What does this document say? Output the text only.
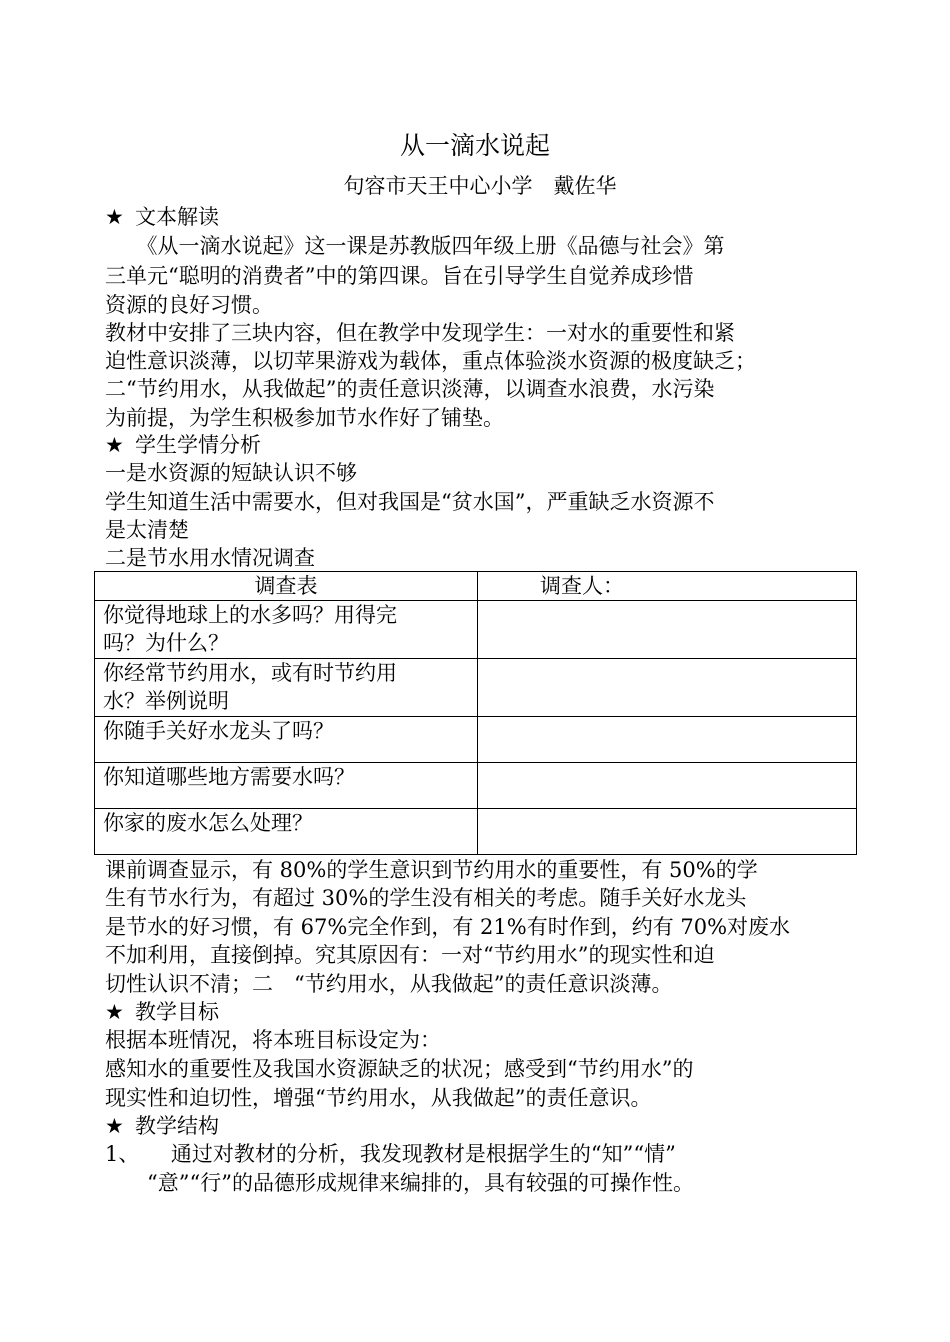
从一滴水说起
句容市天王中心小学　戴佐华
★ 文本解读
　　《从一滴水说起》这一课是苏教版四年级上册《品德与社会》第
三单元“聪明的消费者”中的第四课。旨在引导学生自觉养成珍惜
资源的良好习惯。
教材中安排了三块内容，但在教学中发现学生：一对水的重要性和紧
迫性意识淡薄，以切苹果游戏为载体，重点体验淡水资源的极度缺乏；
二“节约用水，从我做起”的责任意识淡薄，以调查水浪费，水污染
为前提，为学生积极参加节水作好了铺垫。
★ 学生学情分析
一是水资源的短缺认识不够
学生知道生活中需要水，但对我国是“贫水国”，严重缺乏水资源不
是太清楚
二是节水用水情况调查
调查表	调查人：
你觉得地球上的水多吗？用得完
吗？为什么？	
你经常节约用水，或有时节约用
水？举例说明	
你随手关好水龙头了吗？	
你知道哪些地方需要水吗？	
你家的废水怎么处理？	
课前调查显示，有 80%的学生意识到节约用水的重要性，有 50%的学
生有节水行为，有超过 30%的学生没有相关的考虑。随手关好水龙头
是节水的好习惯，有 67%完全作到，有 21%有时作到，约有 70%对废水
不加利用，直接倒掉。究其原因有：一对“节约用水”的现实性和迫
切性认识不清；二　“节约用水，从我做起”的责任意识淡薄。
★ 教学目标
根据本班情况，将本班目标设定为：
感知水的重要性及我国水资源缺乏的状况；感受到“节约用水”的
现实性和迫切性，增强“节约用水，从我做起”的责任意识。
★ 教学结构
1、　　通过对教材的分析，我发现教材是根据学生的“知”“情”
　　“意”“行”的品德形成规律来编排的，具有较强的可操作性。
